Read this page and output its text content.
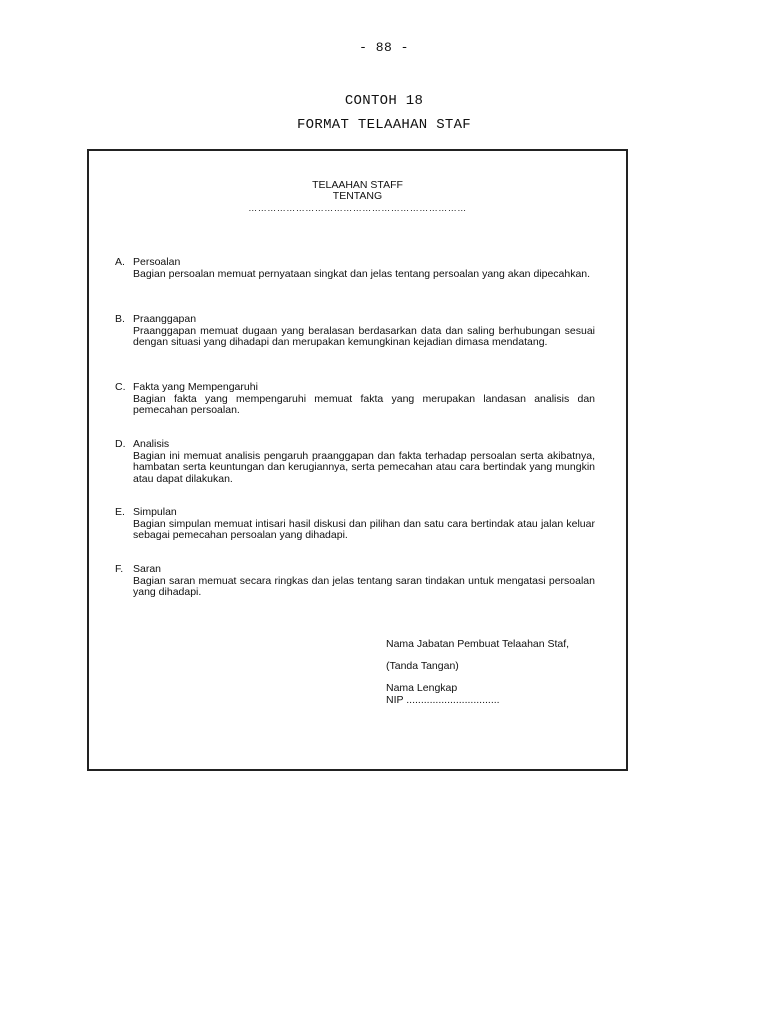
- 88 -
CONTOH 18
FORMAT TELAAHAN STAF
TELAAHAN STAFF
TENTANG
……………………………………………………………
A. Persoalan
Bagian persoalan memuat pernyataan singkat dan jelas tentang persoalan yang akan dipecahkan.
B. Praanggapan
Praanggapan memuat dugaan yang beralasan berdasarkan data dan saling berhubungan sesuai dengan situasi yang dihadapi dan merupakan kemungkinan kejadian dimasa mendatang.
C. Fakta yang Mempengaruhi
Bagian fakta yang mempengaruhi memuat fakta yang merupakan landasan analisis dan pemecahan persoalan.
D. Analisis
Bagian ini memuat analisis pengaruh praanggapan dan fakta terhadap persoalan serta akibatnya, hambatan serta keuntungan dan kerugiannya, serta pemecahan atau cara bertindak yang mungkin atau dapat dilakukan.
E. Simpulan
Bagian simpulan memuat intisari hasil diskusi dan pilihan dan satu cara bertindak atau jalan keluar sebagai pemecahan persoalan yang dihadapi.
F. Saran
Bagian saran memuat secara ringkas dan jelas tentang saran tindakan untuk mengatasi persoalan yang dihadapi.
Nama Jabatan Pembuat Telaahan Staf,
(Tanda Tangan)
Nama Lengkap
NIP ................................
